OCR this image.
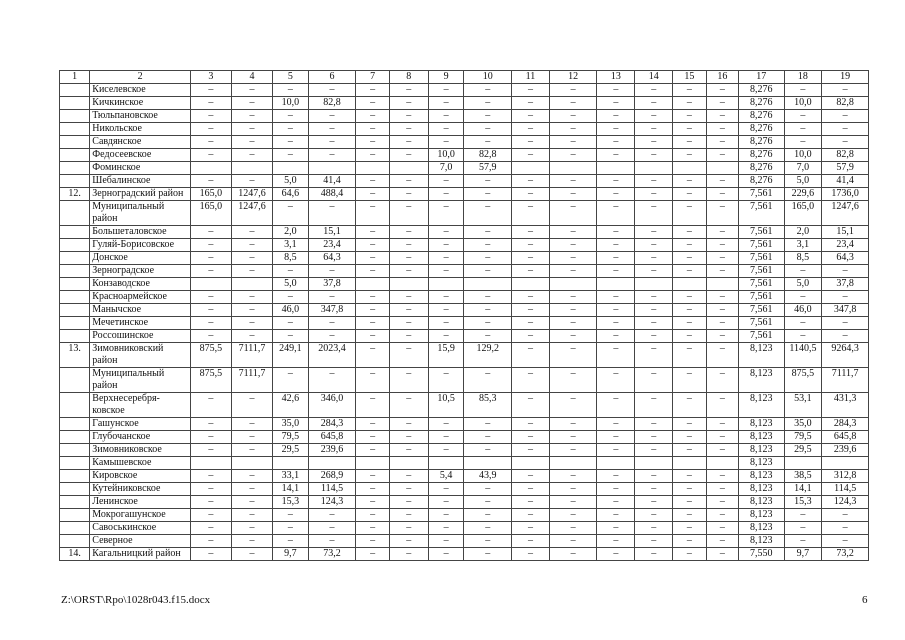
1	2	3	4	5	6	7	8	9	10	11	12	13	14	15	16	17	18	19
	Киселевское	–	–	–	–	–	–	–	–	–	–	–	–	–	–	8,276	–	–
	Кичкинское	–	–	10,0	82,8	–	–	–	–	–	–	–	–	–	–	8,276	10,0	82,8
	Тюльпановское	–	–	–	–	–	–	–	–	–	–	–	–	–	–	8,276	–	–
	Никольское	–	–	–	–	–	–	–	–	–	–	–	–	–	–	8,276	–	–
	Савдянское	–	–	–	–	–	–	–	–	–	–	–	–	–	–	8,276	–	–
	Федосеевское	–	–	–	–	–	–	10,0	82,8	–	–	–	–	–	–	8,276	10,0	82,8
	Фоминское							7,0	57,9							8,276	7,0	57,9
	Шебалинское	–	–	5,0	41,4	–	–	–	–	–	–	–	–	–	–	8,276	5,0	41,4
12.	Зерноградский район	165,0	1247,6	64,6	488,4	–	–	–	–	–	–	–	–	–	–	7,561	229,6	1736,0
	Муниципальный район	165,0	1247,6	–	–	–	–	–	–	–	–	–	–	–	–	7,561	165,0	1247,6
	Большеталовское	–	–	2,0	15,1	–	–	–	–	–	–	–	–	–	–	7,561	2,0	15,1
	Гуляй-Борисовское	–	–	3,1	23,4	–	–	–	–	–	–	–	–	–	–	7,561	3,1	23,4
	Донское	–	–	8,5	64,3	–	–	–	–	–	–	–	–	–	–	7,561	8,5	64,3
	Зерноградское	–	–	–	–	–	–	–	–	–	–	–	–	–	–	7,561	–	–
	Конзаводское			5,0	37,8											7,561	5,0	37,8
	Красноармейское	–	–	–	–	–	–	–	–	–	–	–	–	–	–	7,561	–	–
	Манычское	–	–	46,0	347,8	–	–	–	–	–	–	–	–	–	–	7,561	46,0	347,8
	Мечетинское	–	–	–	–	–	–	–	–	–	–	–	–	–	–	7,561	–	–
	Россошинское	–	–	–	–	–	–	–	–	–	–	–	–	–	–	7,561	–	–
13.	Зимовниковский район	875,5	7111,7	249,1	2023,4	–	–	15,9	129,2	–	–	–	–	–	–	8,123	1140,5	9264,3
	Муниципальный район	875,5	7111,7	–	–	–	–	–	–	–	–	–	–	–	–	8,123	875,5	7111,7
	Верхнесеребря-ковское	–	–	42,6	346,0	–	–	10,5	85,3	–	–	–	–	–	–	8,123	53,1	431,3
	Гашунское	–	–	35,0	284,3	–	–	–	–	–	–	–	–	–	–	8,123	35,0	284,3
	Глубочанское	–	–	79,5	645,8	–	–	–	–	–	–	–	–	–	–	8,123	79,5	645,8
	Зимовниковское	–	–	29,5	239,6	–	–	–	–	–	–	–	–	–	–	8,123	29,5	239,6
	Камышевское															8,123		
	Кировское	–	–	33,1	268,9	–	–	5,4	43,9	–	–	–	–	–	–	8,123	38,5	312,8
	Кутейниковское	–	–	14,1	114,5	–	–	–	–	–	–	–	–	–	–	8,123	14,1	114,5
	Ленинское	–	–	15,3	124,3	–	–	–	–	–	–	–	–	–	–	8,123	15,3	124,3
	Мокрогашунское	–	–	–	–	–	–	–	–	–	–	–	–	–	–	8,123	–	–
	Савоськинское	–	–	–	–	–	–	–	–	–	–	–	–	–	–	8,123	–	–
	Северное	–	–	–	–	–	–	–	–	–	–	–	–	–	–	8,123	–	–
14.	Кагальницкий район	–	–	9,7	73,2	–	–	–	–	–	–	–	–	–	–	7,550	9,7	73,2
Z:\ORST\Rpo\1028r043.f15.docx	6
